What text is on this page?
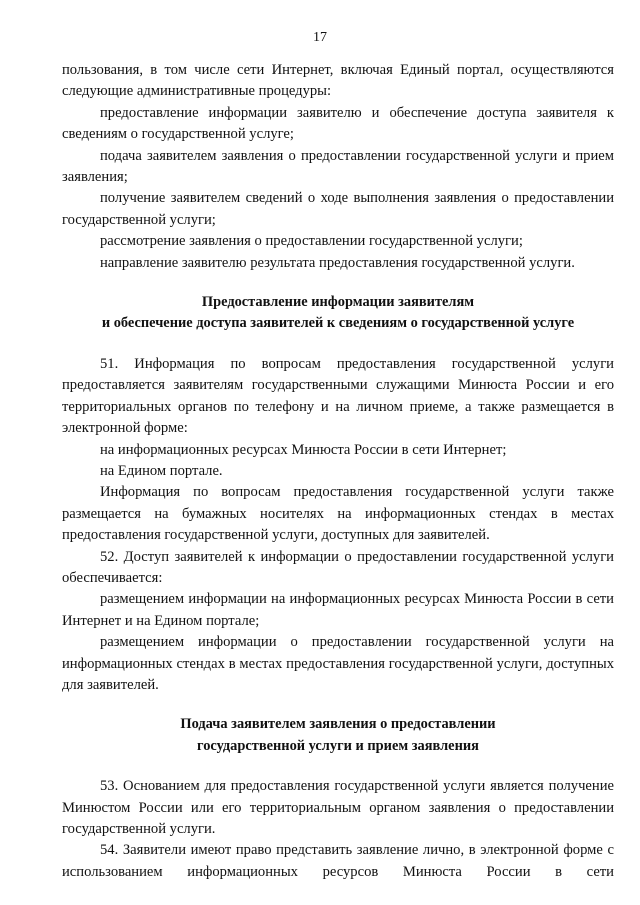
17

пользования, в том числе сети Интернет, включая Единый портал, осуществляются следующие административные процедуры:

предоставление информации заявителю и обеспечение доступа заявителя к сведениям о государственной услуге;

подача заявителем заявления о предоставлении государственной услуги и прием заявления;

получение заявителем сведений о ходе выполнения заявления о предоставлении государственной услуги;

рассмотрение заявления о предоставлении государственной услуги;

направление заявителю результата предоставления государственной услуги.

Предоставление информации заявителям

и обеспечение доступа заявителей к сведениям о государственной услуге

51. Информация по вопросам предоставления государственной услуги предоставляется заявителям государственными служащими Минюста России и его территориальных органов по телефону и на личном приеме, а также размещается в электронной форме:

на информационных ресурсах Минюста России в сети Интернет;

на Едином портале.

Информация по вопросам предоставления государственной услуги также размещается на бумажных носителях на информационных стендах в местах предоставления государственной услуги, доступных для заявителей.

52. Доступ заявителей к информации о предоставлении государственной услуги обеспечивается:

размещением информации на информационных ресурсах Минюста России в сети Интернет и на Едином портале;

размещением информации о предоставлении государственной услуги на информационных стендах в местах предоставления государственной услуги, доступных для заявителей.

Подача заявителем заявления о предоставлении

государственной услуги и прием заявления

53. Основанием для предоставления государственной услуги является получение Минюстом России или его территориальным органом заявления о предоставлении государственной услуги.

54. Заявители имеют право представить заявление лично, в электронной форме с использованием информационных ресурсов Минюста России в сети
